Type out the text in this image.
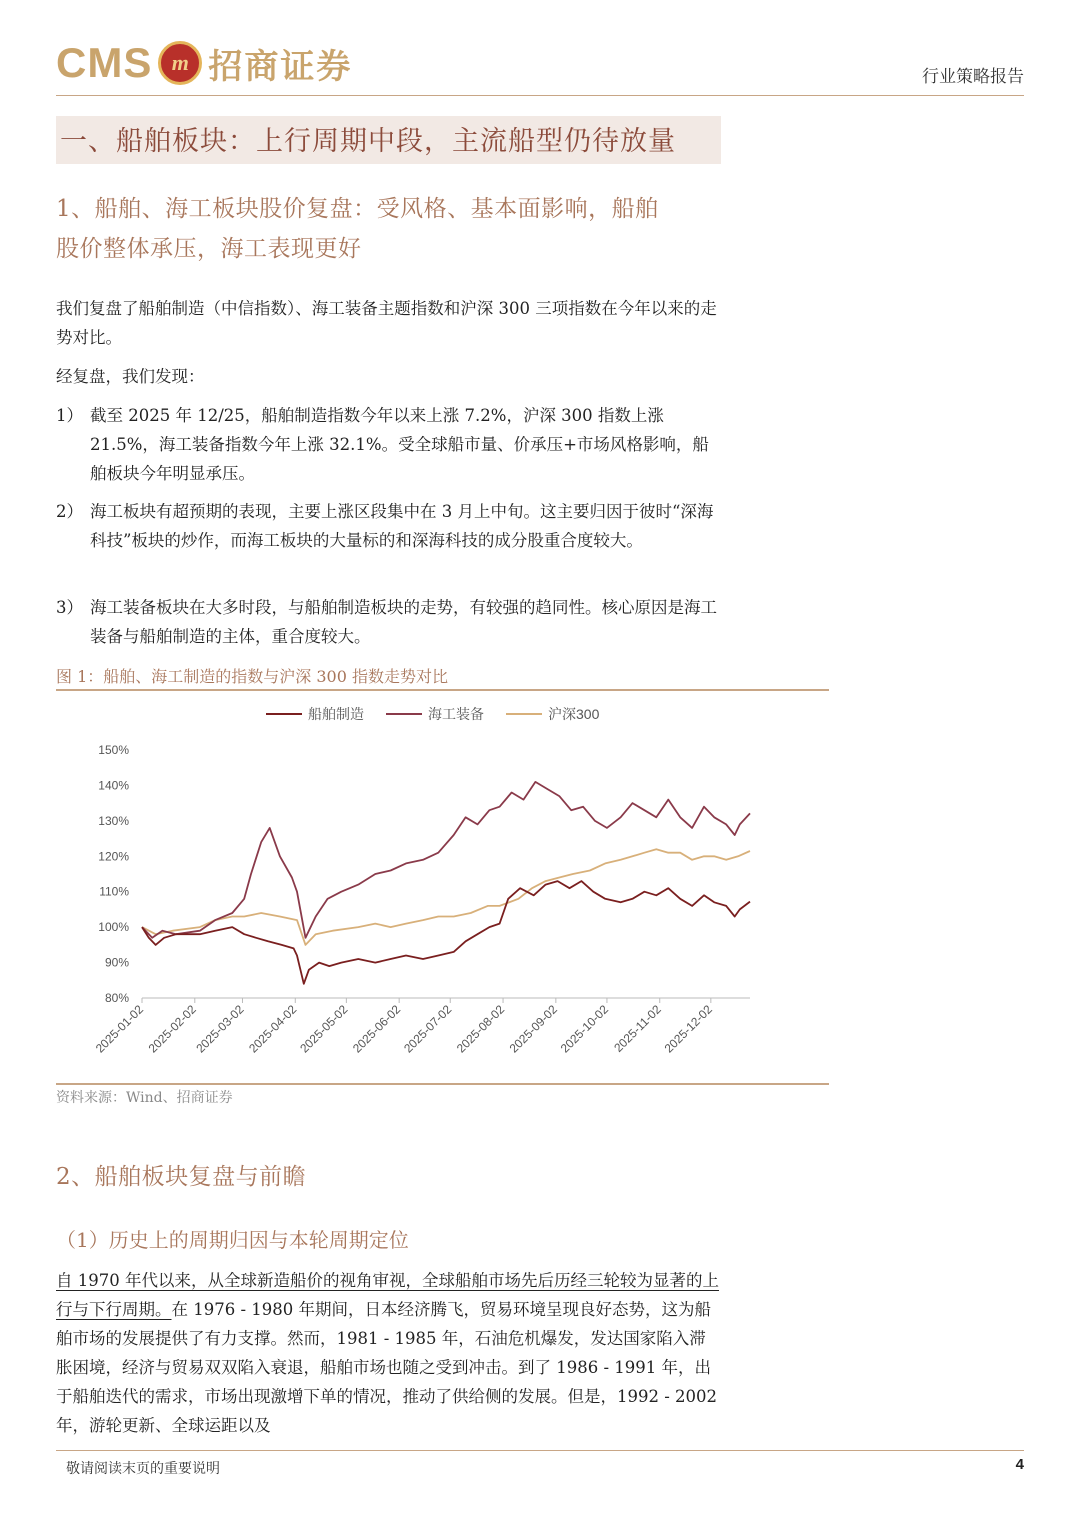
CMS m 招商证券	行业策略报告
一、船舶板块：上行周期中段，主流船型仍待放量
1、船舶、海工板块股价复盘：受风格、基本面影响，船舶
股价整体承压，海工表现更好
我们复盘了船舶制造（中信指数）、海工装备主题指数和沪深 300 三项指数在今年以来的走势对比。
经复盘，我们发现：
1） 截至 2025 年 12/25，船舶制造指数今年以来上涨 7.2%，沪深 300 指数上涨 21.5%，海工装备指数今年上涨 32.1%。受全球船市量、价承压+市场风格影响，船舶板块今年明显承压。
2） 海工板块有超预期的表现，主要上涨区段集中在 3 月上中旬。这主要归因于彼时“深海科技”板块的炒作，而海工板块的大量标的和深海科技的成分股重合度较大。
3） 海工装备板块在大多时段，与船舶制造板块的走势，有较强的趋同性。核心原因是海工装备与船舶制造的主体，重合度较大。
图 1：船舶、海工制造的指数与沪深 300 指数走势对比
船舶制造	海工装备	沪深300
80%
90%
100%
110%
120%
130%
140%
150%
2025-01-02 2025-02-02
2025-03-02 2025-04-02
2025-05-02 2025-06-02
2025-07-02 2025-08-02 2025-09-02
2025-10-02 2025-11-02
2025-12-02
资料来源：Wind、招商证券
2、船舶板块复盘与前瞻
（1）历史上的周期归因与本轮周期定位
自 1970 年代以来，从全球新造船价的视角审视，全球船舶市场先后历经三轮较为显著的上行与下行周期。在 1976 - 1980 年期间，日本经济腾飞，贸易环境呈现良好态势，这为船舶市场的发展提供了有力支撑。然而，1981 - 1985 年，石油危机爆发，发达国家陷入滞胀困境，经济与贸易双双陷入衰退，船舶市场也随之受到冲击。到了 1986 - 1991 年，出于船舶迭代的需求，市场出现激增下单的情况，推动了供给侧的发展。但是，1992 - 2002 年，游轮更新、全球运距以及
敬请阅读末页的重要说明	4
